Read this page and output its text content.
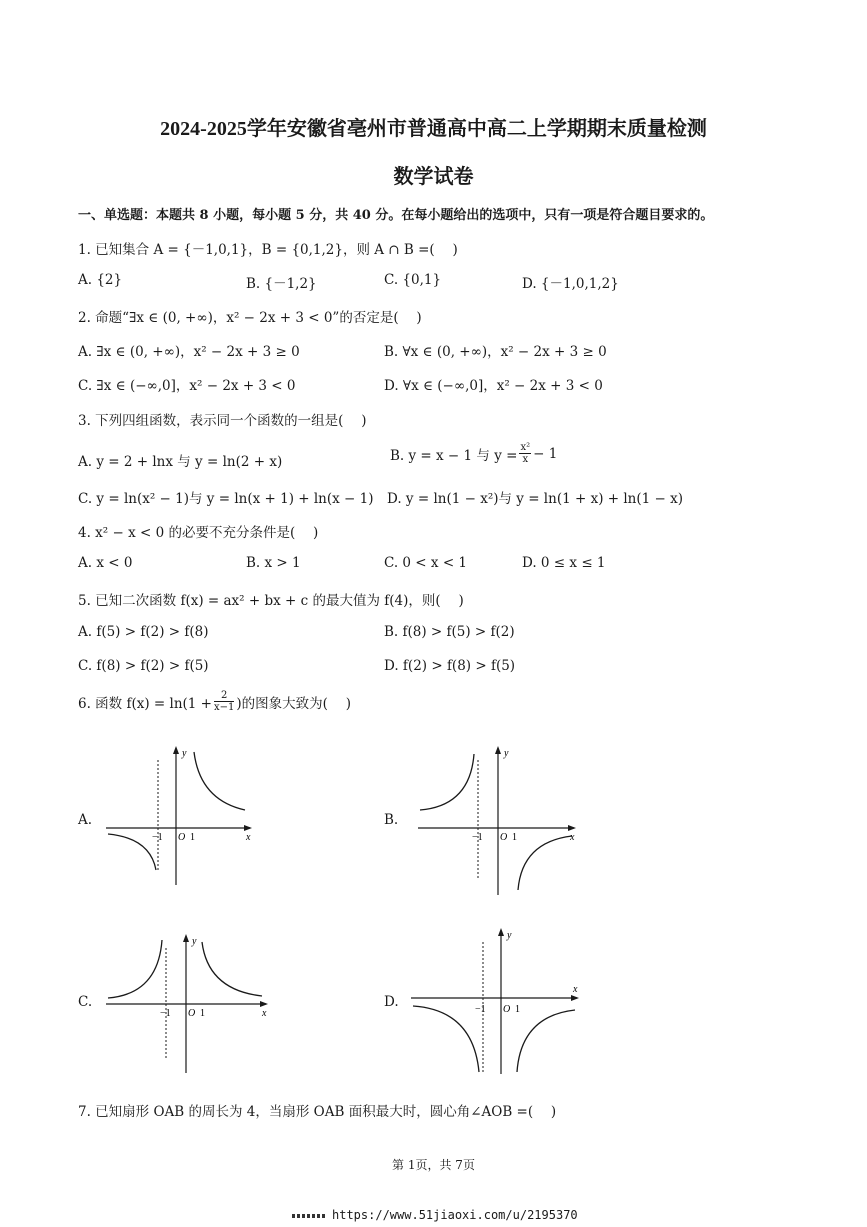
2024-2025学年安徽省亳州市普通高中高二上学期期末质量检测
数学试卷
一、单选题：本题共 8 小题，每小题 5 分，共 40 分。在每小题给出的选项中，只有一项是符合题目要求的。
1. 已知集合 A = {－1,0,1}，B = {0,1,2}，则 A ∩ B =(　 )
A. {2}	B. {－1,2}	C. {0,1}	D. {－1,0,1,2}
2. 命题“∃x ∈ (0, +∞)，x² − 2x + 3 < 0”的否定是(　 )
A. ∃x ∈ (0, +∞)，x² − 2x + 3 ≥ 0	B. ∀x ∈ (0, +∞)，x² − 2x + 3 ≥ 0
C. ∃x ∈ (−∞,0]，x² − 2x + 3 < 0	D. ∀x ∈ (−∞,0]，x² − 2x + 3 < 0
3. 下列四组函数，表示同一个函数的一组是(　 )
A. y = 2 + lnx 与 y = ln(2 + x)	B. y = x − 1 与 $y = \frac{\text{x²}}{x} - 1$
C. y = ln(x² − 1)与 y = ln(x + 1) + ln(x − 1) D. y = ln(1 − x²)与 y = ln(1 + x) + ln(1 − x)
4. x² − x < 0 的必要不充分条件是(　 )
A. x < 0	B. x > 1	C. 0 < x < 1	D. 0 ≤ x ≤ 1
5. 已知二次函数 f(x) = ax² + bx + c 的最大值为 f(4)，则(　 )
A. f(5) > f(2) > f(8)	B. f(8) > f(5) > f(2)
C. f(8) > f(2) > f(5)	D. f(2) > f(8) > f(5)
6. 函数 $f(x) = \ln(1 + \frac{2}{x-1}$ )的图象大致为(　 )
A.	B.
C.	D.
y
x
O 1
−1
y
x
O 1
−1
y
x
O 1
−1
y
x
O 1
−1
7. 已知扇形 OAB 的周长为 4，当扇形 OAB 面积最大时，圆心角∠AOB =(　 )
第 1页，共 7页
https://www.51jiaoxi.com/u/2195370
